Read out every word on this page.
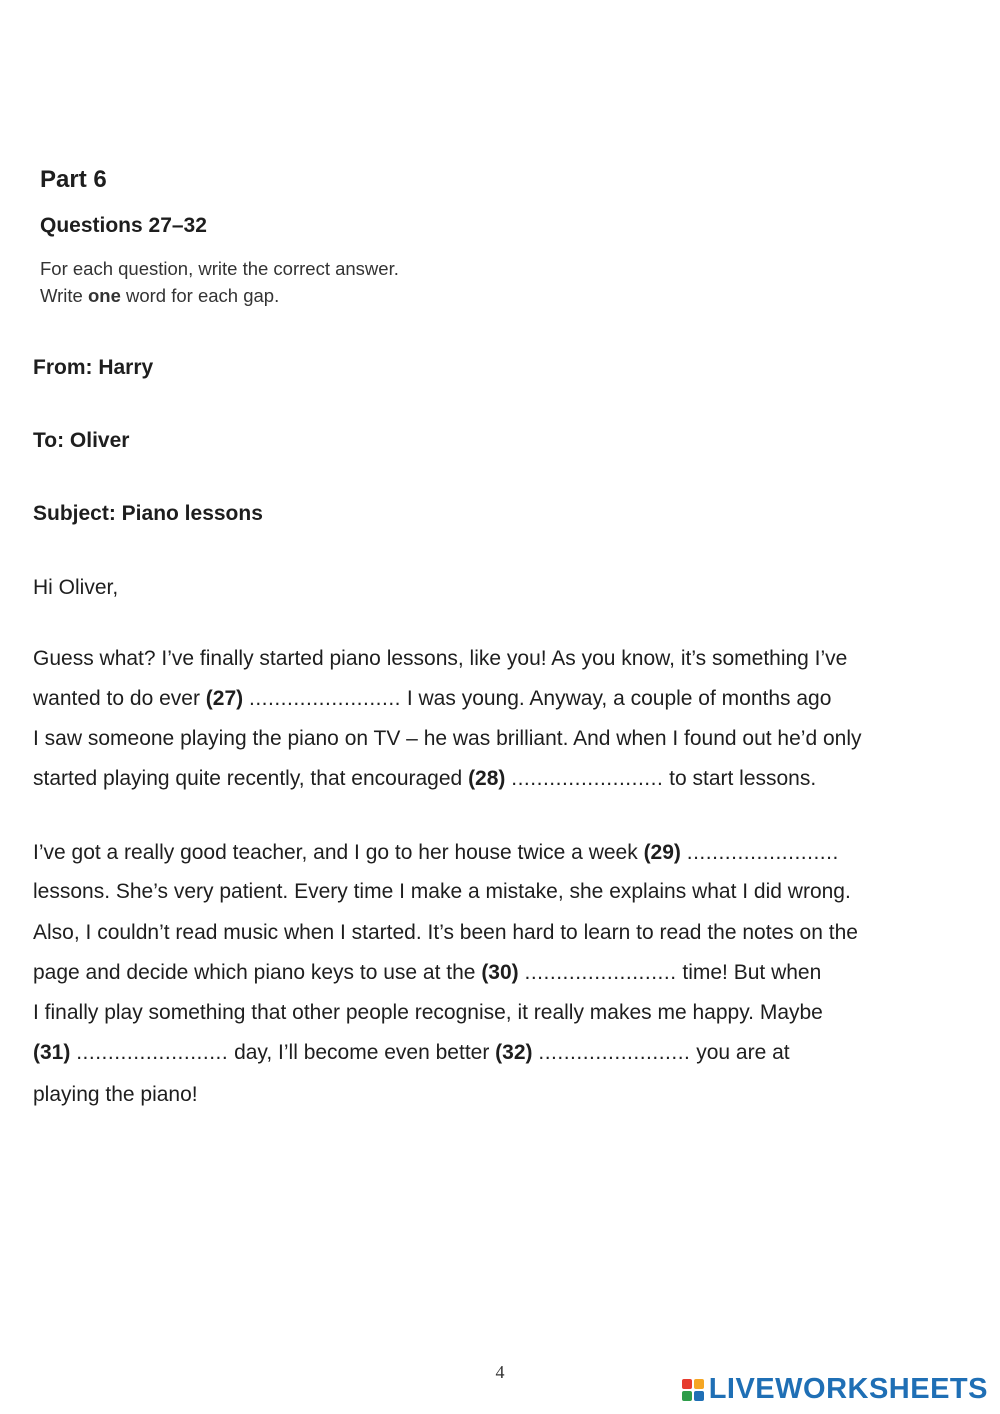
Part 6
Questions 27–32
For each question, write the correct answer.
Write one word for each gap.
From: Harry
To: Oliver
Subject: Piano lessons
Hi Oliver,
Guess what? I’ve finally started piano lessons, like you! As you know, it’s something I’ve
wanted to do ever (27) ........................ I was young. Anyway, a couple of months ago
I saw someone playing the piano on TV – he was brilliant. And when I found out he’d only
started playing quite recently, that encouraged (28) ........................ to start lessons.
I’ve got a really good teacher, and I go to her house twice a week (29) ........................
lessons. She’s very patient. Every time I make a mistake, she explains what I did wrong.
Also, I couldn’t read music when I started. It’s been hard to learn to read the notes on the
page and decide which piano keys to use at the (30) ........................ time! But when
I finally play something that other people recognise, it really makes me happy. Maybe
(31) ........................ day, I’ll become even better (32) ........................ you are at
playing the piano!
4
LIVEWORKSHEETS
